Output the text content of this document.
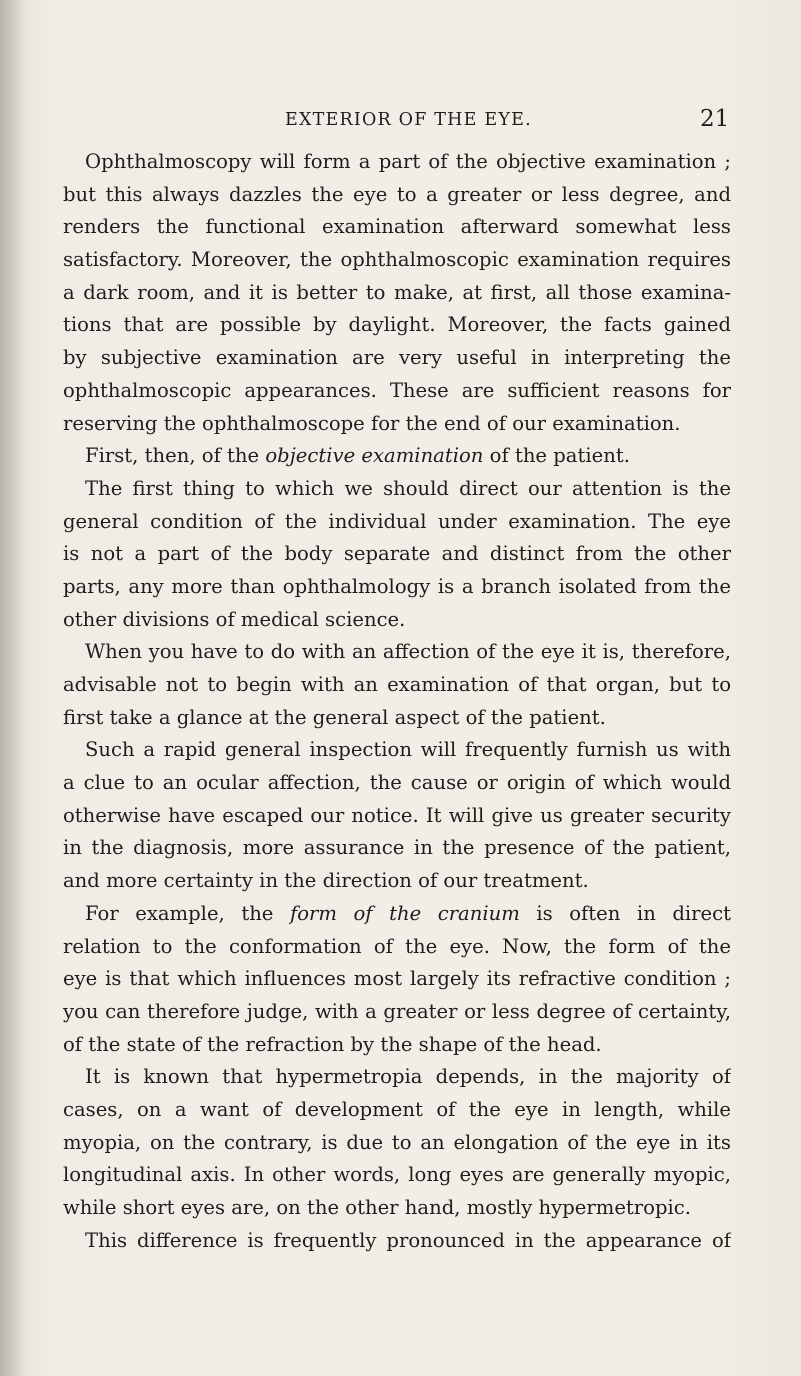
EXTERIOR OF THE EYE.	21
Ophthalmoscopy will form a part of the objective examination ;
but this always dazzles the eye to a greater or less degree, and
renders the functional examination afterward somewhat less
satisfactory. Moreover, the ophthalmoscopic examination requires
a dark room, and it is better to make, at first, all those examina-
tions that are possible by daylight. Moreover, the facts gained
by subjective examination are very useful in interpreting the
ophthalmoscopic appearances. These are sufficient reasons for
reserving the ophthalmoscope for the end of our examination.
First, then, of the objective examination of the patient.
The first thing to which we should direct our attention is the
general condition of the individual under examination. The eye
is not a part of the body separate and distinct from the other
parts, any more than ophthalmology is a branch isolated from the
other divisions of medical science.
When you have to do with an affection of the eye it is, therefore,
advisable not to begin with an examination of that organ, but to
first take a glance at the general aspect of the patient.
Such a rapid general inspection will frequently furnish us with
a clue to an ocular affection, the cause or origin of which would
otherwise have escaped our notice. It will give us greater security
in the diagnosis, more assurance in the presence of the patient,
and more certainty in the direction of our treatment.
For example, the form of the cranium is often in direct
relation to the conformation of the eye. Now, the form of the
eye is that which influences most largely its refractive condition ;
you can therefore judge, with a greater or less degree of certainty,
of the state of the refraction by the shape of the head.
It is known that hypermetropia depends, in the majority of
cases, on a want of development of the eye in length, while
myopia, on the contrary, is due to an elongation of the eye in its
longitudinal axis. In other words, long eyes are generally myopic,
while short eyes are, on the other hand, mostly hypermetropic.
This difference is frequently pronounced in the appearance of
